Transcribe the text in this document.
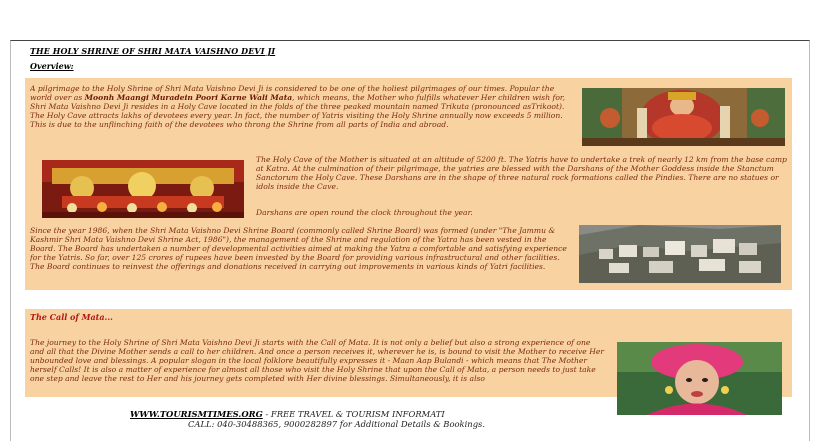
THE HOLY SHRINE OF SHRI MATA VAISHNO DEVI JI
Overview:
A pilgrimage to the Holy Shrine of Shri Mata Vaishno Devi Ji is considered to be one of the holiest pilgrimages of our times. Popular the world over as Moonh Maangi Muradein Poori Karne Wali Mata, which means, the Mother who fulfills whatever Her children wish for, Shri Mata Vaishno Devi Ji resides in a Holy Cave located in the folds of the three peaked mountain named Trikuta (pronounced asTrikoot). The Holy Cave attracts lakhs of devotees every year. In fact, the number of Yatris visiting the Holy Shrine annually now exceeds 5 million. This is due to the unflinching faith of the devotees who throng the Shrine from all parts of India and abroad.
The Holy Cave of the Mother is situated at an altitude of 5200 ft. The Yatris have to undertake a trek of nearly 12 km from the base camp at Katra. At the culmination of their pilgrimage, the yatries are blessed with the Darshans of the Mother Goddess inside the Stanctum Sanctorum the Holy Cave. These Darshans are in the shape of three natural rock formations called the Pindies. There are no statues or idols inside the Cave.
Darshans are open round the clock throughout the year.
Since the year 1986, when the Shri Mata Vaishno Devi Shrine Board (commonly called Shrine Board) was formed (under "The Jammu & Kashmir Shri Mata Vaishno Devi Shrine Act, 1986"), the management of the Shrine and regulation of the Yatra has been vested in the Board. The Board has undertaken a number of developmental activities aimed at making the Yatra a comfortable and satisfying experience for the Yatris. So far, over 125 crores of rupees have been invested by the Board for providing various infrastructural and other facilities. The Board continues to reinvest the offerings and donations received in carrying out improvements in various kinds of Yatri facilities.
The Call of Mata...
The journey to the Holy Shrine of Shri Mata Vaishno Devi Ji starts with the Call of Mata. It is not only a belief but also a strong experience of one and all that the Divine Mother sends a call to her children. And once a person receives it, wherever he is, is bound to visit the Mother to receive Her unbounded love and blessings. A popular slogan in the local folklore beautifully expresses it - Maan Aap Bulandi - which means that The Mother herself Calls! It is also a matter of experience for almost all those who visit the Holy Shrine that upon the Call of Mata, a person needs to just take one step and leave the rest to Her and his journey gets completed with Her divine blessings. Simultaneously, it is also
WWW.TOURISMTIMES.ORG - FREE TRAVEL & TOURISM INFORMATI
CALL: 040-30488365, 9000282897 for Additional Details & Bookings.
